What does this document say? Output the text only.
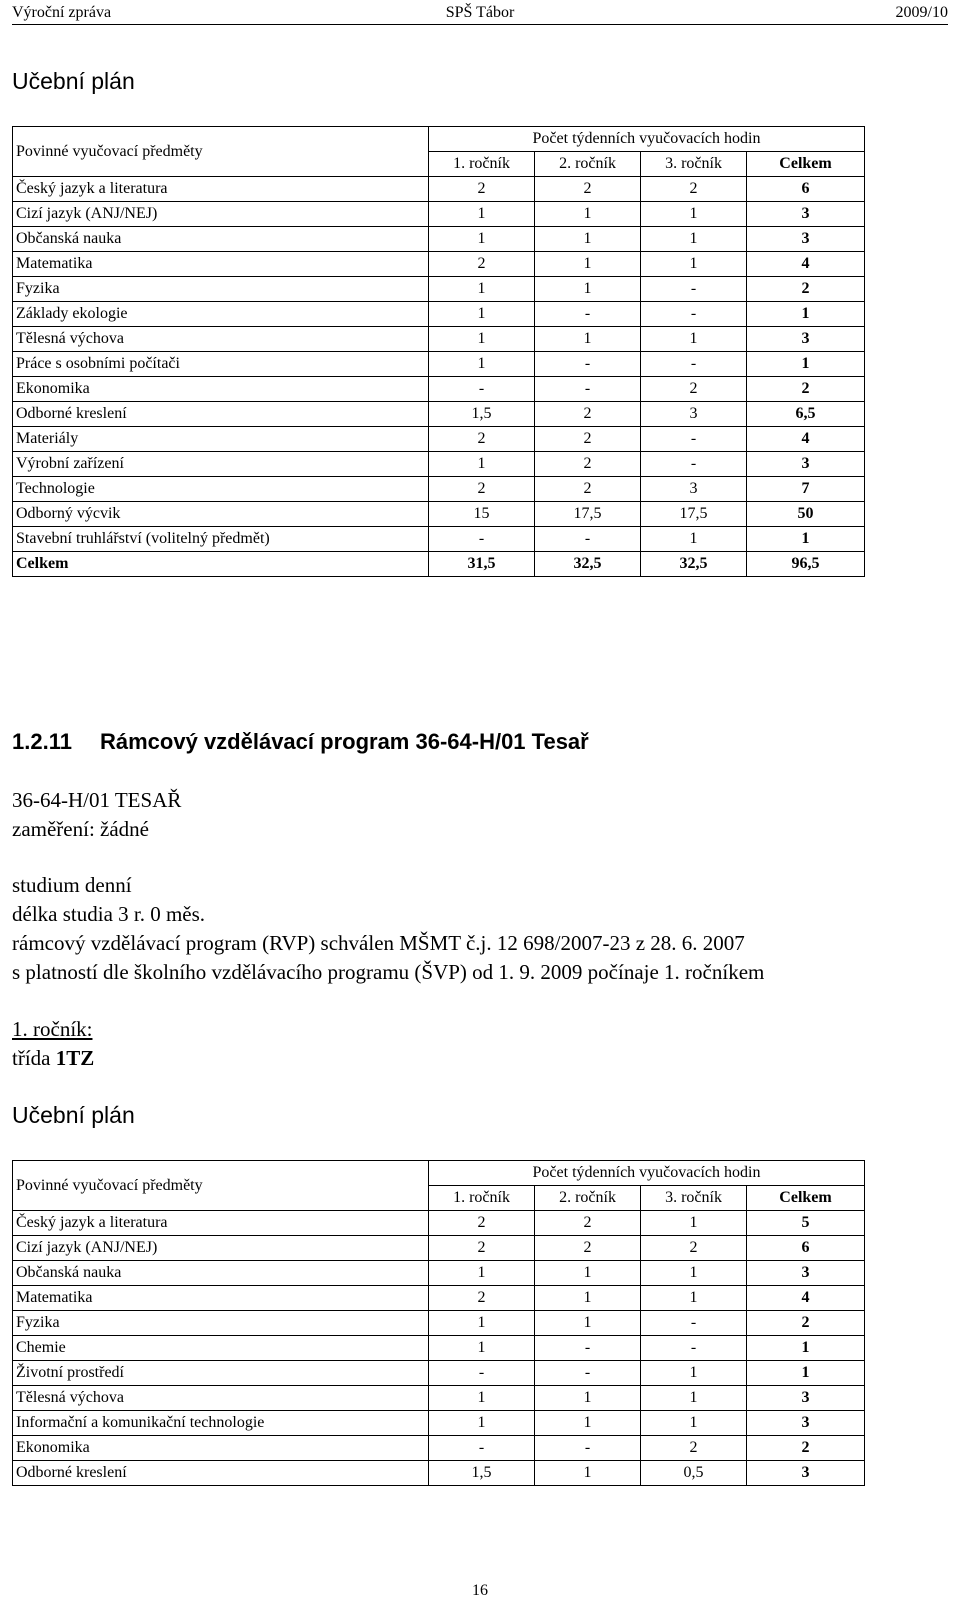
Výroční zpráva	SPŠ Tábor	2009/10
Učební plán
Povinné vyučovací předměty	Počet týdenních vyučovacích hodin			
	1. ročník	2. ročník	3. ročník	Celkem
Český jazyk a literatura	2	2	2	6
Cizí jazyk (ANJ/NEJ)	1	1	1	3
Občanská nauka	1	1	1	3
Matematika	2	1	1	4
Fyzika	1	1	-	2
Základy ekologie	1	-	-	1
Tělesná výchova	1	1	1	3
Práce s osobními počítači	1	-	-	1
Ekonomika	-	-	2	2
Odborné kreslení	1,5	2	3	6,5
Materiály	2	2	-	4
Výrobní zařízení	1	2	-	3
Technologie	2	2	3	7
Odborný výcvik	15	17,5	17,5	50
Stavební truhlářství (volitelný předmět)	-	-	1	1
Celkem	31,5	32,5	32,5	96,5
1.2.11 Rámcový vzdělávací program 36-64-H/01 Tesař
36-64-H/01 TESAŘ
zaměření: žádné
studium denní
délka studia 3 r. 0 měs.
rámcový vzdělávací program (RVP) schválen MŠMT č.j. 12 698/2007-23 z 28. 6. 2007
s platností dle školního vzdělávacího programu (ŠVP) od 1. 9. 2009 počínaje 1. ročníkem
1. ročník:
třída 1TZ
Učební plán
Povinné vyučovací předměty	Počet týdenních vyučovacích hodin			
	1. ročník	2. ročník	3. ročník	Celkem
Český jazyk a literatura	2	2	1	5
Cizí jazyk (ANJ/NEJ)	2	2	2	6
Občanská nauka	1	1	1	3
Matematika	2	1	1	4
Fyzika	1	1	-	2
Chemie	1	-	-	1
Životní prostředí	-	-	1	1
Tělesná výchova	1	1	1	3
Informační a komunikační technologie	1	1	1	3
Ekonomika	-	-	2	2
Odborné kreslení	1,5	1	0,5	3
16
